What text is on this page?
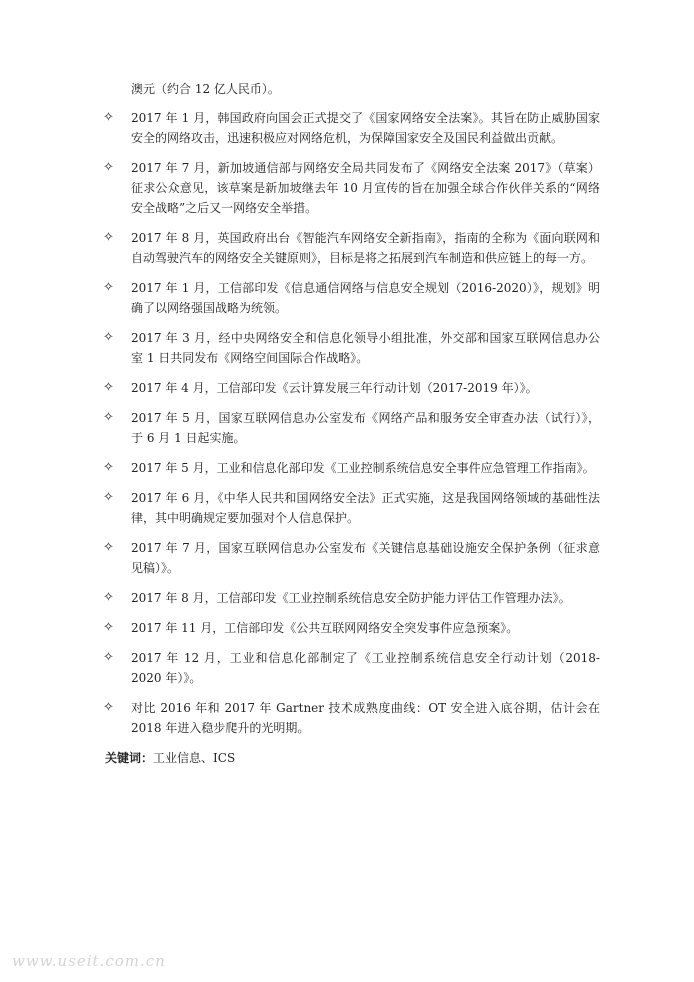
澳元（约合 12 亿人民币）。
✧ 2017 年 1 月，韩国政府向国会正式提交了《国家网络安全法案》。其旨在防止威胁国家安全的网络攻击，迅速积极应对网络危机，为保障国家安全及国民利益做出贡献。
✧ 2017 年 7 月，新加坡通信部与网络安全局共同发布了《网络安全法案 2017》（草案）征求公众意见，该草案是新加坡继去年 10 月宣传的旨在加强全球合作伙伴关系的“网络安全战略”之后又一网络安全举措。
✧ 2017 年 8 月，英国政府出台《智能汽车网络安全新指南》，指南的全称为《面向联网和自动驾驶汽车的网络安全关键原则》，目标是将之拓展到汽车制造和供应链上的每一方。
✧ 2017 年 1 月，工信部印发《信息通信网络与信息安全规划（2016-2020）》，规划》明确了以网络强国战略为统领。
✧ 2017 年 3 月，经中央网络安全和信息化领导小组批准，外交部和国家互联网信息办公室 1 日共同发布《网络空间国际合作战略》。
✧ 2017 年 4 月，工信部印发《云计算发展三年行动计划（2017-2019 年）》。
✧ 2017 年 5 月，国家互联网信息办公室发布《网络产品和服务安全审查办法（试行）》，于 6 月 1 日起实施。
✧ 2017 年 5 月，工业和信息化部印发《工业控制系统信息安全事件应急管理工作指南》。
✧ 2017 年 6 月，《中华人民共和国网络安全法》正式实施，这是我国网络领域的基础性法律，其中明确规定要加强对个人信息保护。
✧ 2017 年 7 月，国家互联网信息办公室发布《关键信息基础设施安全保护条例（征求意见稿）》。
✧ 2017 年 8 月，工信部印发《工业控制系统信息安全防护能力评估工作管理办法》。
✧ 2017 年 11 月，工信部印发《公共互联网网络安全突发事件应急预案》。
✧ 2017 年 12 月，工业和信息化部制定了《工业控制系统信息安全行动计划（2018-2020 年）》。
✧ 对比 2016 年和 2017 年 Gartner 技术成熟度曲线：OT 安全进入底谷期，估计会在 2018 年进入稳步爬升的光明期。
关键词：工业信息、ICS
www.useit.com.cn
